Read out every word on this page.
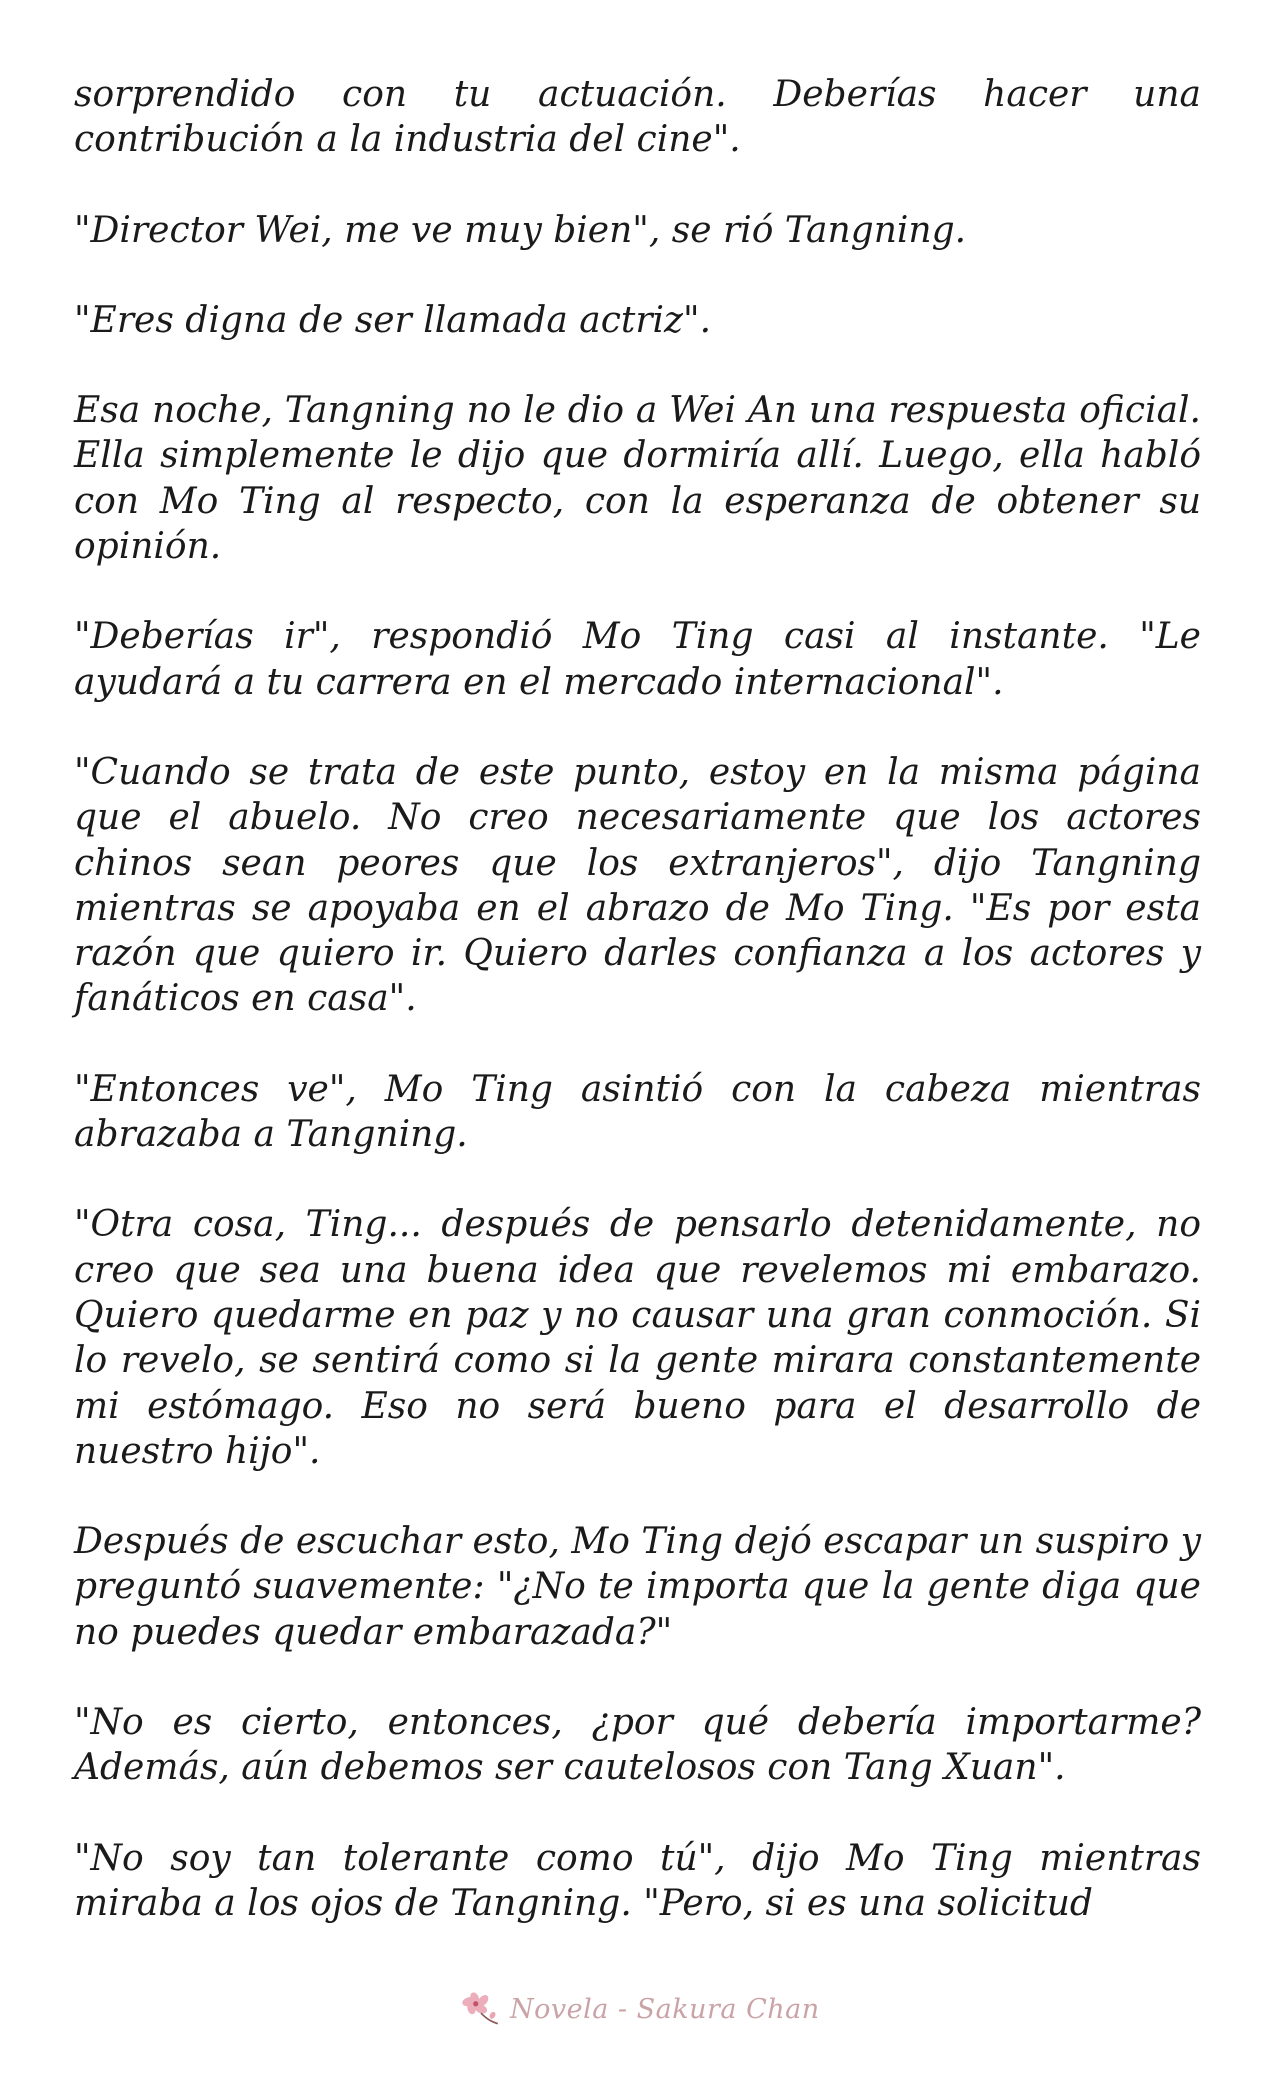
sorprendido con tu actuación. Deberías hacer una contribución a la industria del cine".

"Director Wei, me ve muy bien", se rió Tangning.

"Eres digna de ser llamada actriz".

Esa noche, Tangning no le dio a Wei An una respuesta oficial. Ella simplemente le dijo que dormiría allí. Luego, ella habló con Mo Ting al respecto, con la esperanza de obtener su opinión.

"Deberías ir", respondió Mo Ting casi al instante. "Le ayudará a tu carrera en el mercado internacional".

"Cuando se trata de este punto, estoy en la misma página que el abuelo. No creo necesariamente que los actores chinos sean peores que los extranjeros", dijo Tangning mientras se apoyaba en el abrazo de Mo Ting. "Es por esta razón que quiero ir. Quiero darles confianza a los actores y fanáticos en casa".

"Entonces ve", Mo Ting asintió con la cabeza mientras abrazaba a Tangning.

"Otra cosa, Ting... después de pensarlo detenidamente, no creo que sea una buena idea que revelemos mi embarazo. Quiero quedarme en paz y no causar una gran conmoción. Si lo revelo, se sentirá como si la gente mirara constantemente mi estómago. Eso no será bueno para el desarrollo de nuestro hijo".

Después de escuchar esto, Mo Ting dejó escapar un suspiro y preguntó suavemente: "¿No te importa que la gente diga que no puedes quedar embarazada?"

"No es cierto, entonces, ¿por qué debería importarme? Además, aún debemos ser cautelosos con Tang Xuan".

"No soy tan tolerante como tú", dijo Mo Ting mientras miraba a los ojos de Tangning. "Pero, si es una solicitud

Novela - Sakura Chan
